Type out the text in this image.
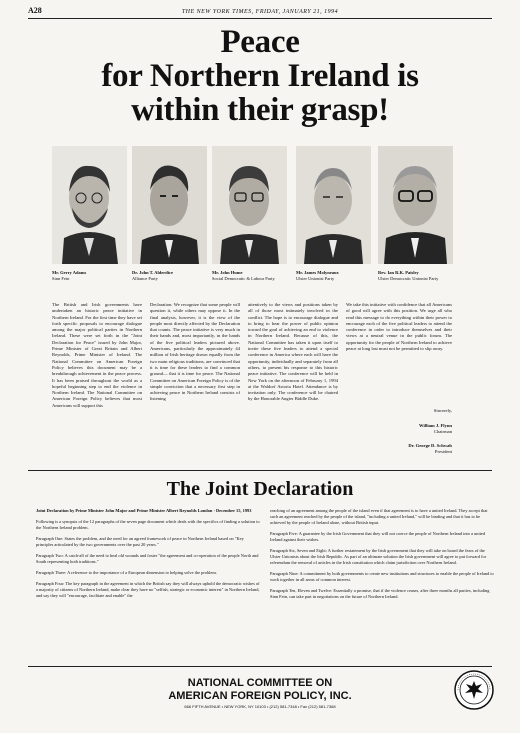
A28	THE NEW YORK TIMES, FRIDAY, JANUARY 21, 1994
Peace
for Northern Ireland is
within their grasp!
Mr. Gerry Adams
Sinn Fein
Dr. John T. Alderdice
Alliance Party
Mr. John Hume
Social Democratic & Labour Party
Mr. James Molyneaux
Ulster Unionist Party
Rev. Ian R.K. Paisley
Ulster Democratic Unionist Party
The British and Irish governments have undertaken an historic peace initiative in Northern Ireland. For the first time they have set forth specific proposals to encourage dialogue among the major political parties in Northern Ireland. These were set forth in the "Joint Declaration for Peace" issued by John Major, Prime Minister of Great Britain and Albert Reynolds, Prime Minister of Ireland. The National Committee on American Foreign Policy believes this document may be a breakthrough achievement in the peace process. It has been praised throughout the world as a hopeful beginning step to end the violence in Northern Ireland. The National Committee on American Foreign Policy believes that most Americans will support this
Declaration. We recognize that some people will question it, while others may oppose it. In the final analysis, however, it is the view of the people most directly affected by the Declaration that counts. The peace initiative is very much in their hands and, most importantly, in the hands of the five political leaders pictured above. Americans, particularly the approximately 44 million of Irish heritage drawn equally from the two main religious traditions, are convinced that it is time for these leaders to find a common ground— that it is time for peace. The National Committee on American Foreign Policy is of the simple conviction that a necessary first step in achieving peace in Northern Ireland consists of listening
attentively to the views and positions taken by all of those most intimately involved in the conflict. The hope is to encourage dialogue and to bring to bear the power of public opinion toward the goal of achieving an end to violence in Northern Ireland. Because of this, the National Committee has taken it upon itself to invite these five leaders to attend a special conference in America where each will have the opportunity, individually and separately from all others, to present his response to this historic peace initiative. The conference will be held in New York on the afternoon of February 1, 1994 at the Waldorf Astoria Hotel. Attendance is by invitation only. The conference will be chaired by the Honorable Angier Biddle Duke.
We take this initiative with confidence that all Americans of good will agree with this position. We urge all who read this message to do everything within their power to encourage each of the five political leaders to attend the conference in order to introduce themselves and their views at a neutral venue in the public forum. The opportunity for the people of Northern Ireland to achieve peace at long last must not be permitted to slip away.
Sincerely,
William J. Flynn
Chairman
Dr. George D. Schwab
President
The Joint Declaration

Joint Declaration by Prime Minister John Major and Prime Minister Albert Reynolds London · December 15, 1993

Following is a synopsis of the 12 paragraphs of the seven page document which deals with the specifics of finding a solution to the Northern Ireland problem.

Paragraph One: States the problem, and the need for an agreed framework of peace in Northern Ireland based on "Key principles articulated by the two governments over the past 20 years."

Paragraph Two: A catch-all of the need to heal old wounds and foster "the agreement and co-operation of the people North and South representing both traditions."

Paragraph Three: A reference to the importance of a European dimension to helping solve the problem.

Paragraph Four: The key paragraph in the agreement in which the British say they will always uphold the democratic wishes of a majority of citizens of Northern Ireland, make clear they have no "selfish, strategic or economic interest" in Northern Ireland, and say they will "encourage, facilitate and enable" the

reaching of an agreement among the people of the island even if that agreement is to have a united Ireland. They accept that such an agreement reached by the people of the island, "including a united Ireland," will be binding and that it has to be achieved by the people of Ireland alone, without British input.

Paragraph Five: A guarantee by the Irish Government that they will not coerce the people of Northern Ireland into a united Ireland against their wishes.

Paragraph Six, Seven and Eight: A further restatement by the Irish government that they will take on board the fears of the Ulster Unionists about the Irish Republic. As part of an ultimate solution the Irish government will agree to put forward for referendum the removal of articles in the Irish constitution which claim jurisdiction over Northern Ireland.

Paragraph Nine: A commitment by both governments to create new institutions and structures to enable the people of Ireland to work together in all areas of common interest.

Paragraph Ten, Eleven and Twelve: Essentially a promise, that if the violence ceases, after three months all parties, including Sinn Fein, can take part in negotiations on the future of Northern Ireland.

NATIONAL COMMITTEE ON
AMERICAN FOREIGN POLICY, INC.
666 FIFTH AVENUE • NEW YORK, NY 10103 • (212) 581-7348 • Fax (212) 581-7368
